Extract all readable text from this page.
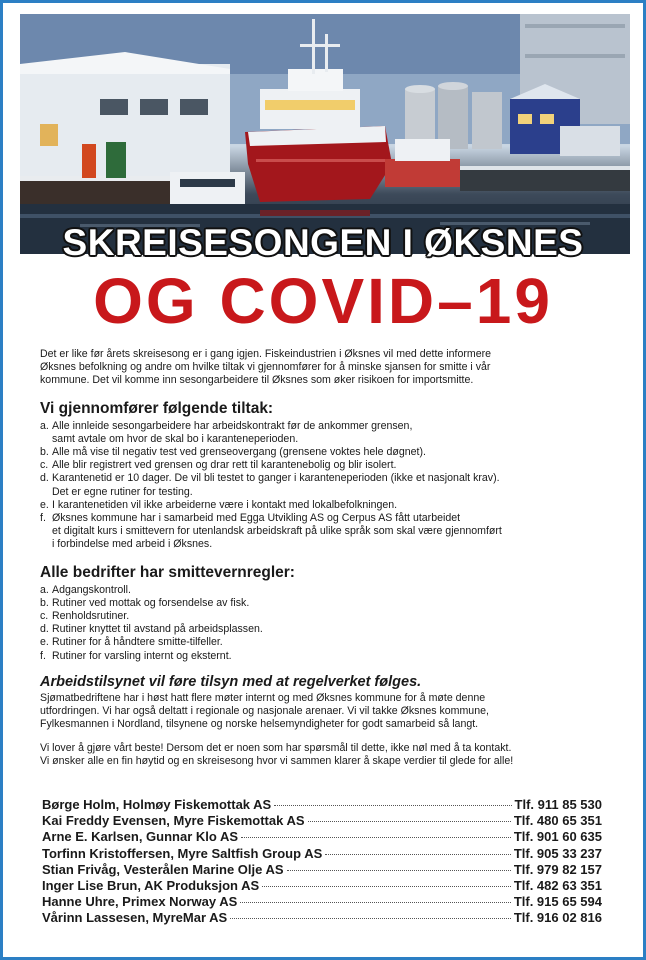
SKREISESONGEN I ØKSNES
OG COVID–19

Det er like før årets skreisesong er i gang igjen. Fiskeindustrien i Øksnes vil med dette informere

Øksnes befolkning og andre om hvilke tiltak vi gjennomfører for å minske sjansen for smitte i vår

kommune. Det vil komme inn sesongarbeidere til Øksnes som øker risikoen for importsmitte.

Vi gjennomfører følgende tiltak:
a. Alle innleide sesongarbeidere har arbeidskontrakt før de ankommer grensen,
samt avtale om hvor de skal bo i karanteneperioden.
b. Alle må vise til negativ test ved grenseovergang (grensene voktes hele døgnet).
c. Alle blir registrert ved grensen og drar rett til karantenebolig og blir isolert.
d. Karantenetid er 10 dager. De vil bli testet to ganger i karanteneperioden (ikke et nasjonalt krav).
Det er egne rutiner for testing.
e. I karantenetiden vil ikke arbeiderne være i kontakt med lokalbefolkningen.
f. Øksnes kommune har i samarbeid med Egga Utvikling AS og Cerpus AS fått utarbeidet
et digitalt kurs i smittevern for utenlandsk arbeidskraft på ulike språk som skal være gjennomført
i forbindelse med arbeid i Øksnes.
Alle bedrifter har smittevernregler:
a. Adgangskontroll.
b. Rutiner ved mottak og forsendelse av fisk.
c. Renholdsrutiner.
d. Rutiner knyttet til avstand på arbeidsplassen.
e. Rutiner for å håndtere smitte-tilfeller.
f. Rutiner for varsling internt og eksternt.
Arbeidstilsynet vil føre tilsyn med at regelverket følges.
Sjømatbedriftene har i høst hatt flere møter internt og med Øksnes kommune for å møte denne
utfordringen. Vi har også deltatt i regionale og nasjonale arenaer. Vi vil takke Øksnes kommune,
Fylkesmannen i Nordland, tilsynene og norske helsemyndigheter for godt samarbeid så langt.
Vi lover å gjøre vårt beste! Dersom det er noen som har spørsmål til dette, ikke nøl med å ta kontakt.
Vi ønsker alle en fin høytid og en skreisesong hvor vi sammen klarer å skape verdier til glede for alle!
Børge Holm, Holmøy Fiskemottak AS	Tlf. 911 85 530
Kai Freddy Evensen, Myre Fiskemottak AS	Tlf. 480 65 351
Arne E. Karlsen, Gunnar Klo AS	Tlf. 901 60 635
Torfinn Kristoffersen, Myre Saltfish Group AS	Tlf. 905 33 237
Stian Frivåg, Vesterålen Marine Olje AS	Tlf. 979 82 157
Inger Lise Brun, AK Produksjon AS	Tlf. 482 63 351
Hanne Uhre, Primex Norway AS	Tlf. 915 65 594
Vårinn Lassesen, MyreMar AS	Tlf. 916 02 816
